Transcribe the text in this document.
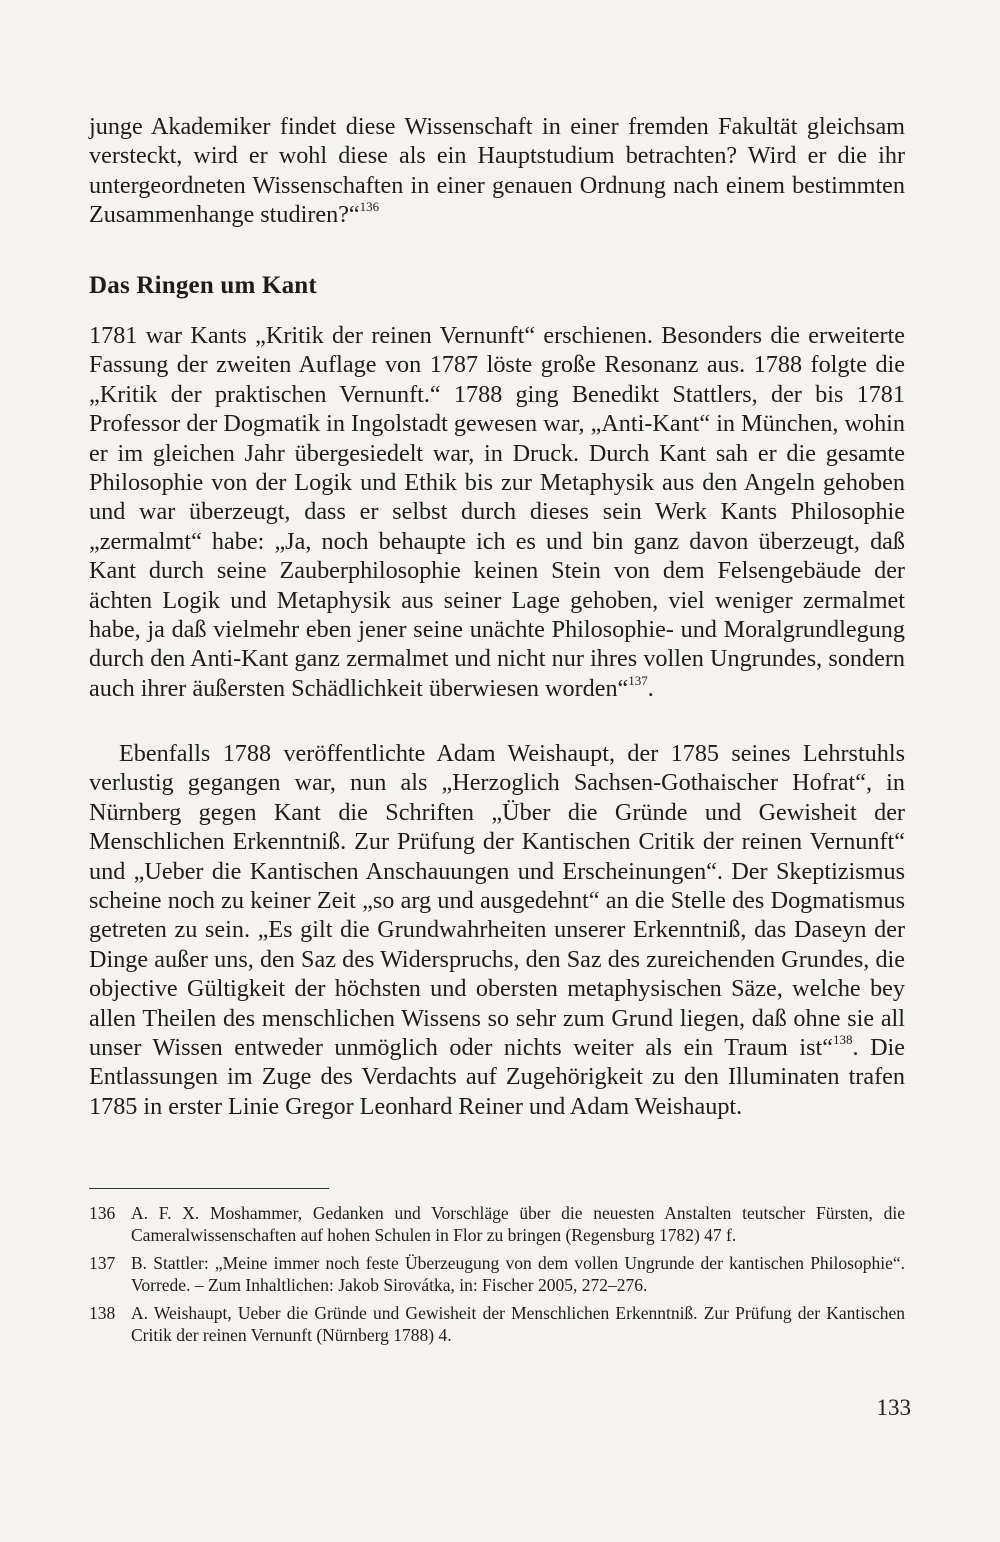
junge Akademiker findet diese Wissenschaft in einer fremden Fakultät gleichsam versteckt, wird er wohl diese als ein Hauptstudium betrachten? Wird er die ihr untergeordneten Wissenschaften in einer genauen Ordnung nach einem bestimmten Zusammenhange studiren?“$^{136}$

Das Ringen um Kant

1781 war Kants „Kritik der reinen Vernunft“ erschienen. Besonders die erweiterte Fassung der zweiten Auflage von 1787 löste große Resonanz aus. 1788 folgte die „Kritik der praktischen Vernunft.“ 1788 ging Benedikt Stattlers, der bis 1781 Professor der Dogmatik in Ingolstadt gewesen war, „Anti-Kant“ in München, wohin er im gleichen Jahr übergesiedelt war, in Druck. Durch Kant sah er die gesamte Philosophie von der Logik und Ethik bis zur Metaphysik aus den Angeln gehoben und war überzeugt, dass er selbst durch dieses sein Werk Kants Philosophie „zermalmt“ habe: „Ja, noch behaupte ich es und bin ganz davon überzeugt, daß Kant durch seine Zauberphilosophie keinen Stein von dem Felsengebäude der ächten Logik und Metaphysik aus seiner Lage gehoben, viel weniger zermalmet habe, ja daß vielmehr eben jener seine unächte Philosophie- und Moralgrundlegung durch den Anti-Kant ganz zermalmet und nicht nur ihres vollen Ungrundes, sondern auch ihrer äußersten Schädlichkeit überwiesen worden“$^{137}$.

Ebenfalls 1788 veröffentlichte Adam Weishaupt, der 1785 seines Lehrstuhls verlustig gegangen war, nun als „Herzoglich Sachsen-Gothaischer Hofrat“, in Nürnberg gegen Kant die Schriften „Über die Gründe und Gewisheit der Menschlichen Erkenntniß. Zur Prüfung der Kantischen Critik der reinen Vernunft“ und „Ueber die Kantischen Anschauungen und Erscheinungen“. Der Skeptizismus scheine noch zu keiner Zeit „so arg und ausgedehnt“ an die Stelle des Dogmatismus getreten zu sein. „Es gilt die Grundwahrheiten unserer Erkenntniß, das Daseyn der Dinge außer uns, den Saz des Widerspruchs, den Saz des zureichenden Grundes, die objective Gültigkeit der höchsten und obersten metaphysischen Säze, welche bey allen Theilen des menschlichen Wissens so sehr zum Grund liegen, daß ohne sie all unser Wissen entweder unmöglich oder nichts weiter als ein Traum ist“$^{138}$. Die Entlassungen im Zuge des Verdachts auf Zugehörigkeit zu den Illuminaten trafen 1785 in erster Linie Gregor Leonhard Reiner und Adam Weishaupt.

136 A. F. X. Moshammer, Gedanken und Vorschläge über die neuesten Anstalten teutscher Fürsten, die Cameralwissenschaften auf hohen Schulen in Flor zu bringen (Regensburg 1782) 47 f.
137 B. Stattler: „Meine immer noch feste Überzeugung von dem vollen Ungrunde der kantischen Philosophie“. Vorrede. – Zum Inhaltlichen: Jakob Sirovátka, in: Fischer 2005, 272–276.
138 A. Weishaupt, Ueber die Gründe und Gewisheit der Menschlichen Erkenntniß. Zur Prüfung der Kantischen Critik der reinen Vernunft (Nürnberg 1788) 4.

133
